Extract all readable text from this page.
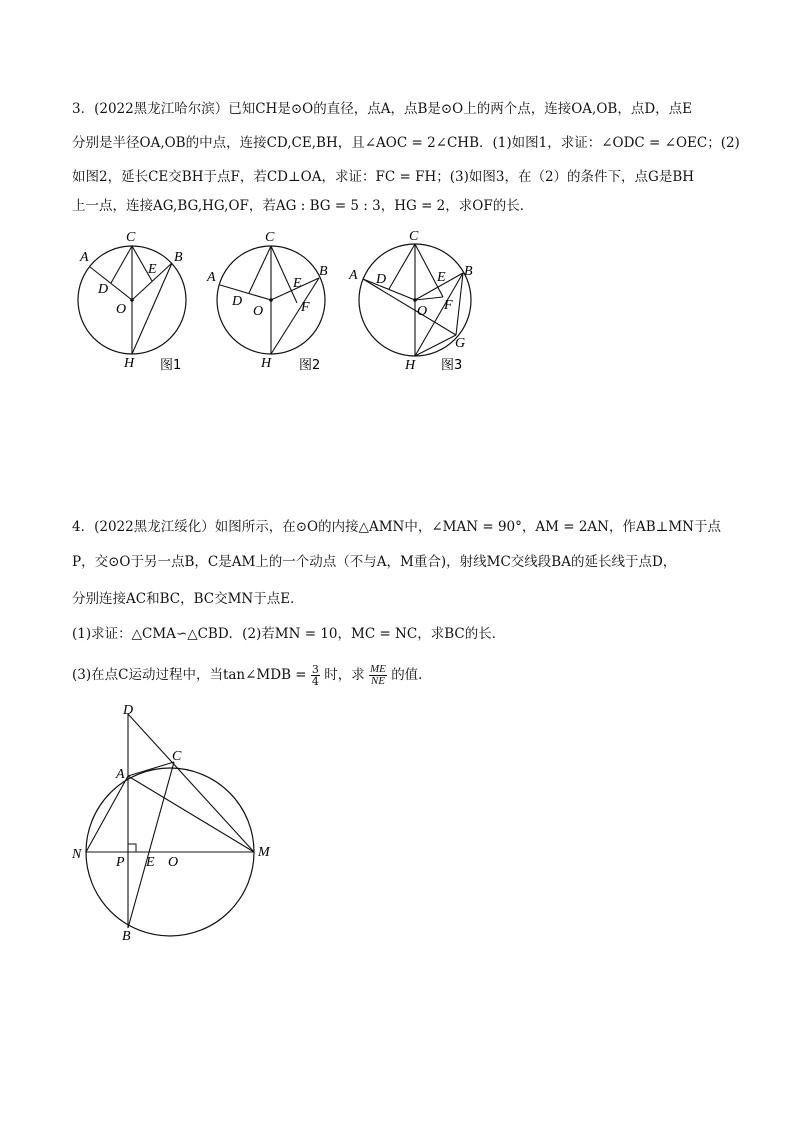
3．(2022黑龙江哈尔滨）已知CH是⊙O的直径，点A，点B是⊙O上的两个点，连接OA,OB，点D，点E
分别是半径OA,OB的中点，连接CD,CE,BH，且∠AOC = 2∠CHB．(1)如图1，求证：∠ODC = ∠OEC；(2)
如图2，延长CE交BH于点F，若CD⊥OA，求证：FC = FH；(3)如图3，在（2）的条件下，点G是BH
上一点，连接AG,BG,HG,OF，若AG : BG = 5 : 3，HG = 2，求OF的长．
C
A	B
D
E
O
H 图1
C
A	B
D
E
F
O
H 图2
C
A	B
D	E
F
G
O
H 图3
4．(2022黑龙江绥化）如图所示，在⊙O的内接△AMN中，∠MAN = 90°，AM = 2AN，作AB⊥MN于点
P，交⊙O于另一点B，C是AM上的一个动点（不与A，M重合)，射线MC交线段BA的延长线于点D，
分别连接AC和BC，BC交MN于点E．
(1)求证：△CMA∽△CBD．(2)若MN = 10，MC = NC，求BC的长．
(3)在点C运动过程中，当tan∠MDB = $\frac{3}{4}$ 时，求 $\frac{ME}{NE}$ 的值．
D
A
C
N
P E O
M
B
